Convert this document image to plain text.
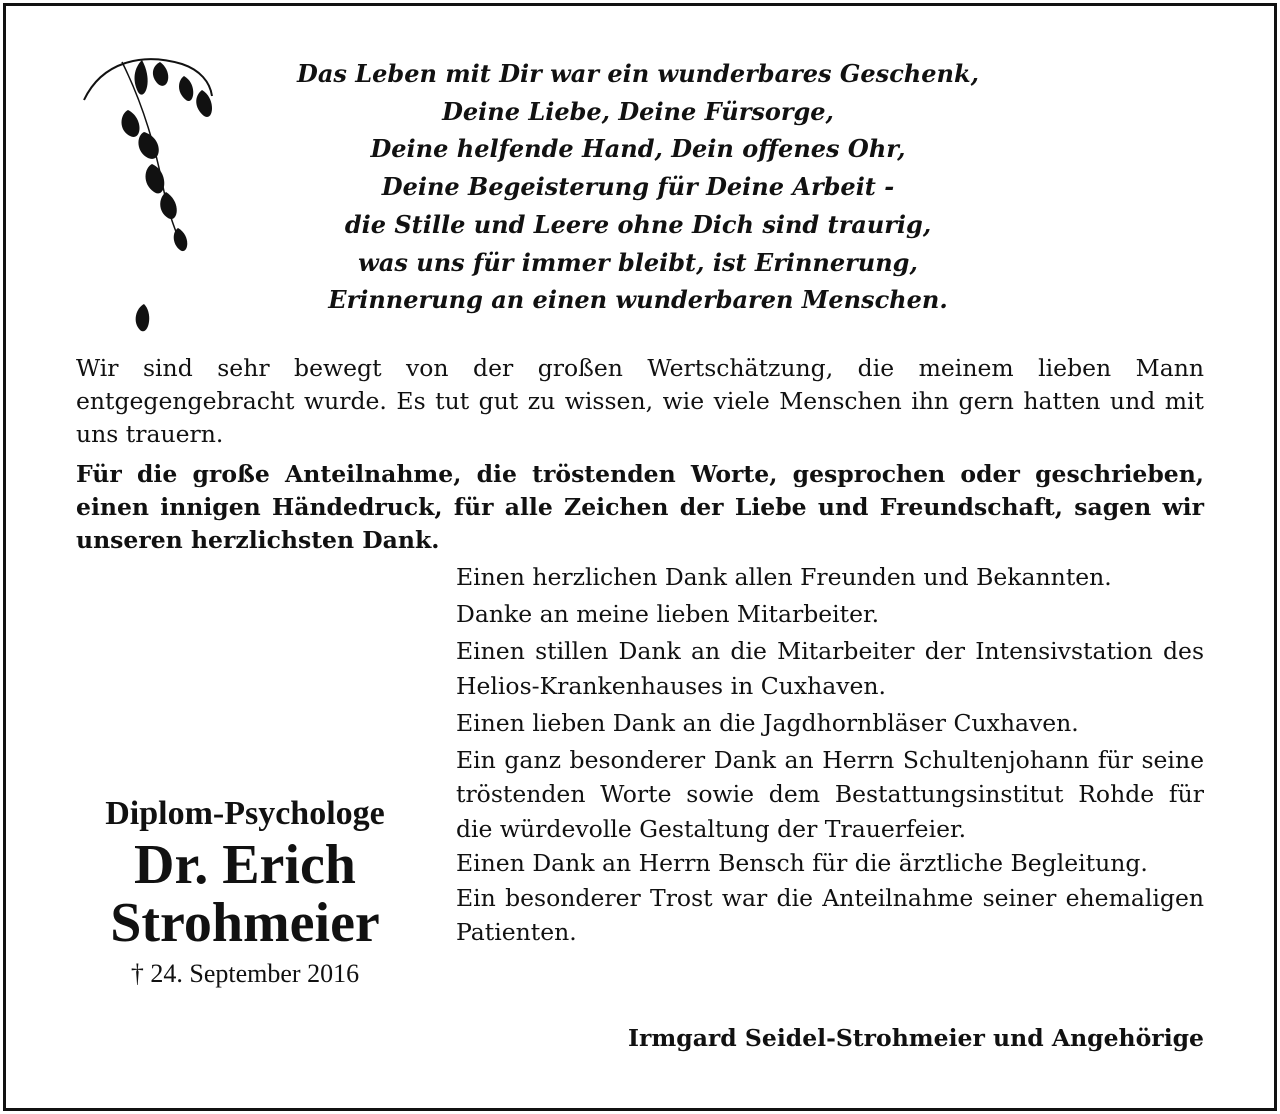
Das Leben mit Dir war ein wunderbares Geschenk,
Deine Liebe, Deine Fürsorge,
Deine helfende Hand, Dein offenes Ohr,
Deine Begeisterung für Deine Arbeit -
die Stille und Leere ohne Dich sind traurig,
was uns für immer bleibt, ist Erinnerung,
Erinnerung an einen wunderbaren Menschen.

Wir sind sehr bewegt von der großen Wertschätzung, die meinem lieben Mann entgegengebracht wurde. Es tut gut zu wissen, wie viele Menschen ihn gern hatten und mit uns trauern.

Für die große Anteilnahme, die tröstenden Worte, gesprochen oder geschrieben, einen innigen Händedruck, für alle Zeichen der Liebe und Freundschaft, sagen wir unseren herzlichsten Dank.

Einen herzlichen Dank allen Freunden und Bekannten.

Danke an meine lieben Mitarbeiter.

Einen stillen Dank an die Mitarbeiter der Intensivstation des Helios-Krankenhauses in Cuxhaven.

Einen lieben Dank an die Jagdhornbläser Cuxhaven.

Ein ganz besonderer Dank an Herrn Schultenjohann für seine tröstenden Worte sowie dem Bestattungsinstitut Rohde für die würdevolle Gestaltung der Trauerfeier.

Einen Dank an Herrn Bensch für die ärztliche Begleitung.

Ein besonderer Trost war die Anteilnahme seiner ehemaligen Patienten.

Diplom-Psychologe
Dr. Erich
Strohmeier
† 24. September 2016
Irmgard Seidel-Strohmeier und Angehörige
